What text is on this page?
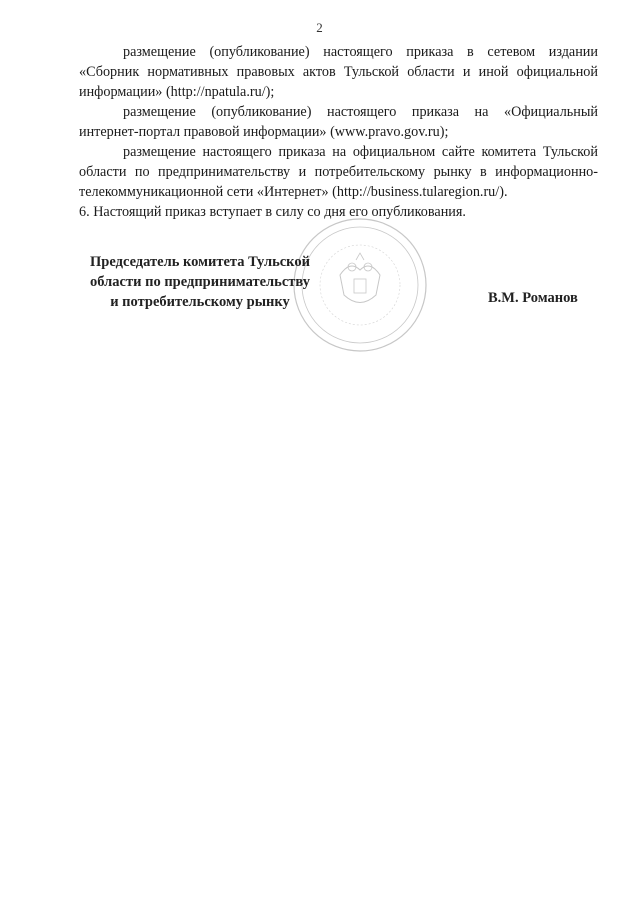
2

размещение (опубликование) настоящего приказа в сетевом издании «Сборник нормативных правовых актов Тульской области и иной официальной информации» (http://npatula.ru/);

размещение (опубликование) настоящего приказа на «Официальный интернет-портал правовой информации» (www.pravo.gov.ru);

размещение настоящего приказа на официальном сайте комитета Тульской области по предпринимательству и потребительскому рынку в информационно-телекоммуникационной сети «Интернет» (http://business.tularegion.ru/).

6. Настоящий приказ вступает в силу со дня его опубликования.

Председатель комитета Тульской
области по предпринимательству
и потребительскому рынку	В.М. Романов
